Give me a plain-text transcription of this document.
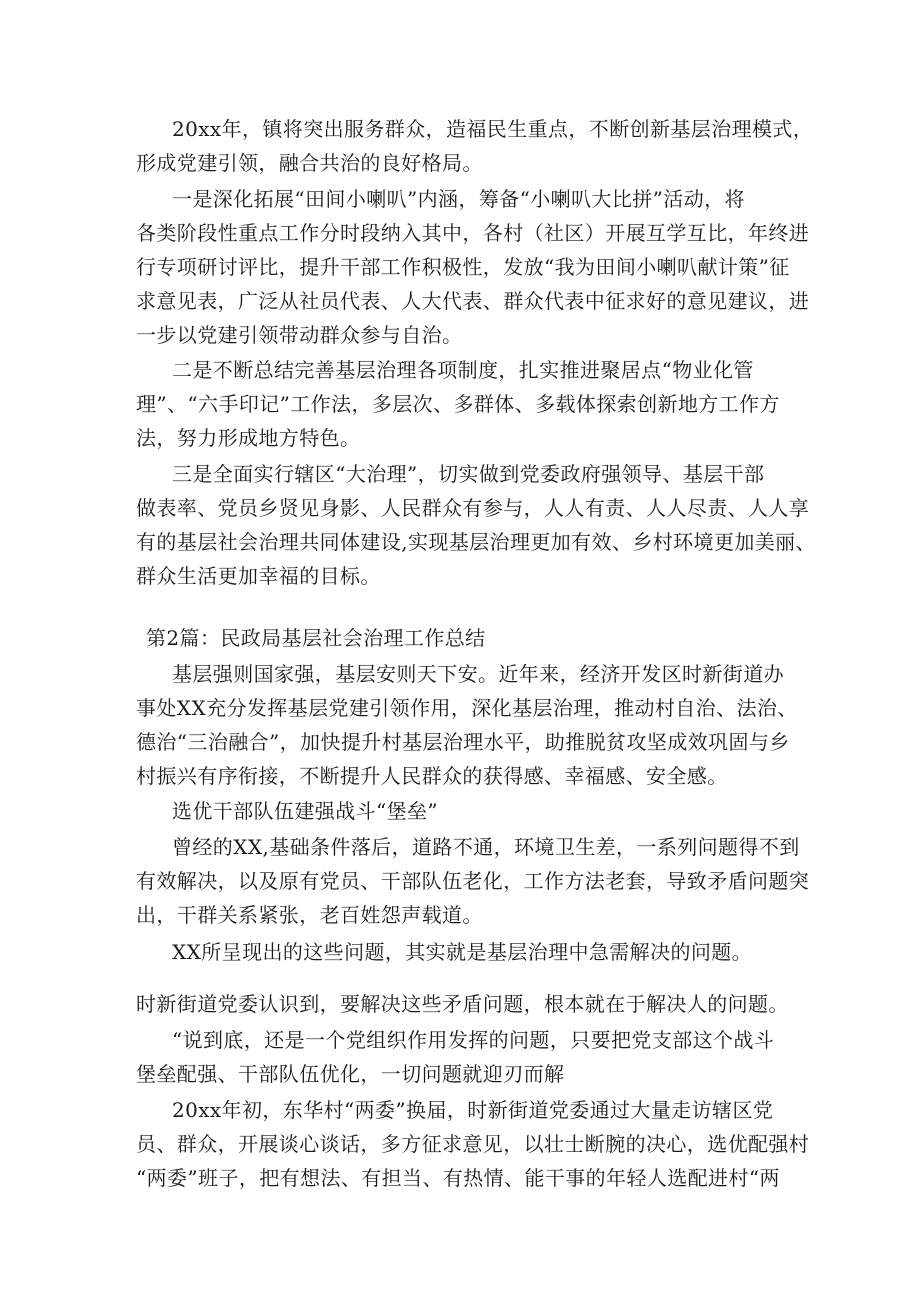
20xx年，镇将突出服务群众，造福民生重点，不断创新基层治理模式，
形成党建引领，融合共治的良好格局。
一是深化拓展“田间小喇叭”内涵，筹备“小喇叭大比拼”活动，将
各类阶段性重点工作分时段纳入其中，各村（社区）开展互学互比，年终进
行专项研讨评比，提升干部工作积极性，发放“我为田间小喇叭献计策”征
求意见表，广泛从社员代表、人大代表、群众代表中征求好的意见建议，进
一步以党建引领带动群众参与自治。
二是不断总结完善基层治理各项制度，扎实推进聚居点“物业化管
理”、“六手印记”工作法，多层次、多群体、多载体探索创新地方工作方
法，努力形成地方特色。
三是全面实行辖区“大治理”，切实做到党委政府强领导、基层干部
做表率、党员乡贤见身影、人民群众有参与，人人有责、人人尽责、人人享
有的基层社会治理共同体建设,实现基层治理更加有效、乡村环境更加美丽、
群众生活更加幸福的目标。
第2篇：民政局基层社会治理工作总结
基层强则国家强，基层安则天下安。近年来，经济开发区时新街道办
事处XX充分发挥基层党建引领作用，深化基层治理，推动村自治、法治、
德治“三治融合”，加快提升村基层治理水平，助推脱贫攻坚成效巩固与乡
村振兴有序衔接，不断提升人民群众的获得感、幸福感、安全感。
选优干部队伍建强战斗“堡垒”
曾经的XX,基础条件落后，道路不通，环境卫生差，一系列问题得不到
有效解决，以及原有党员、干部队伍老化，工作方法老套，导致矛盾问题突
出，干群关系紧张，老百姓怨声载道。
XX所呈现出的这些问题，其实就是基层治理中急需解决的问题。
时新街道党委认识到，要解决这些矛盾问题，根本就在于解决人的问题。
“说到底，还是一个党组织作用发挥的问题，只要把党支部这个战斗
堡垒配强、干部队伍优化，一切问题就迎刃而解
20xx年初，东华村“两委”换届，时新街道党委通过大量走访辖区党
员、群众，开展谈心谈话，多方征求意见，以壮士断腕的决心，选优配强村
“两委”班子，把有想法、有担当、有热情、能干事的年轻人选配进村“两
